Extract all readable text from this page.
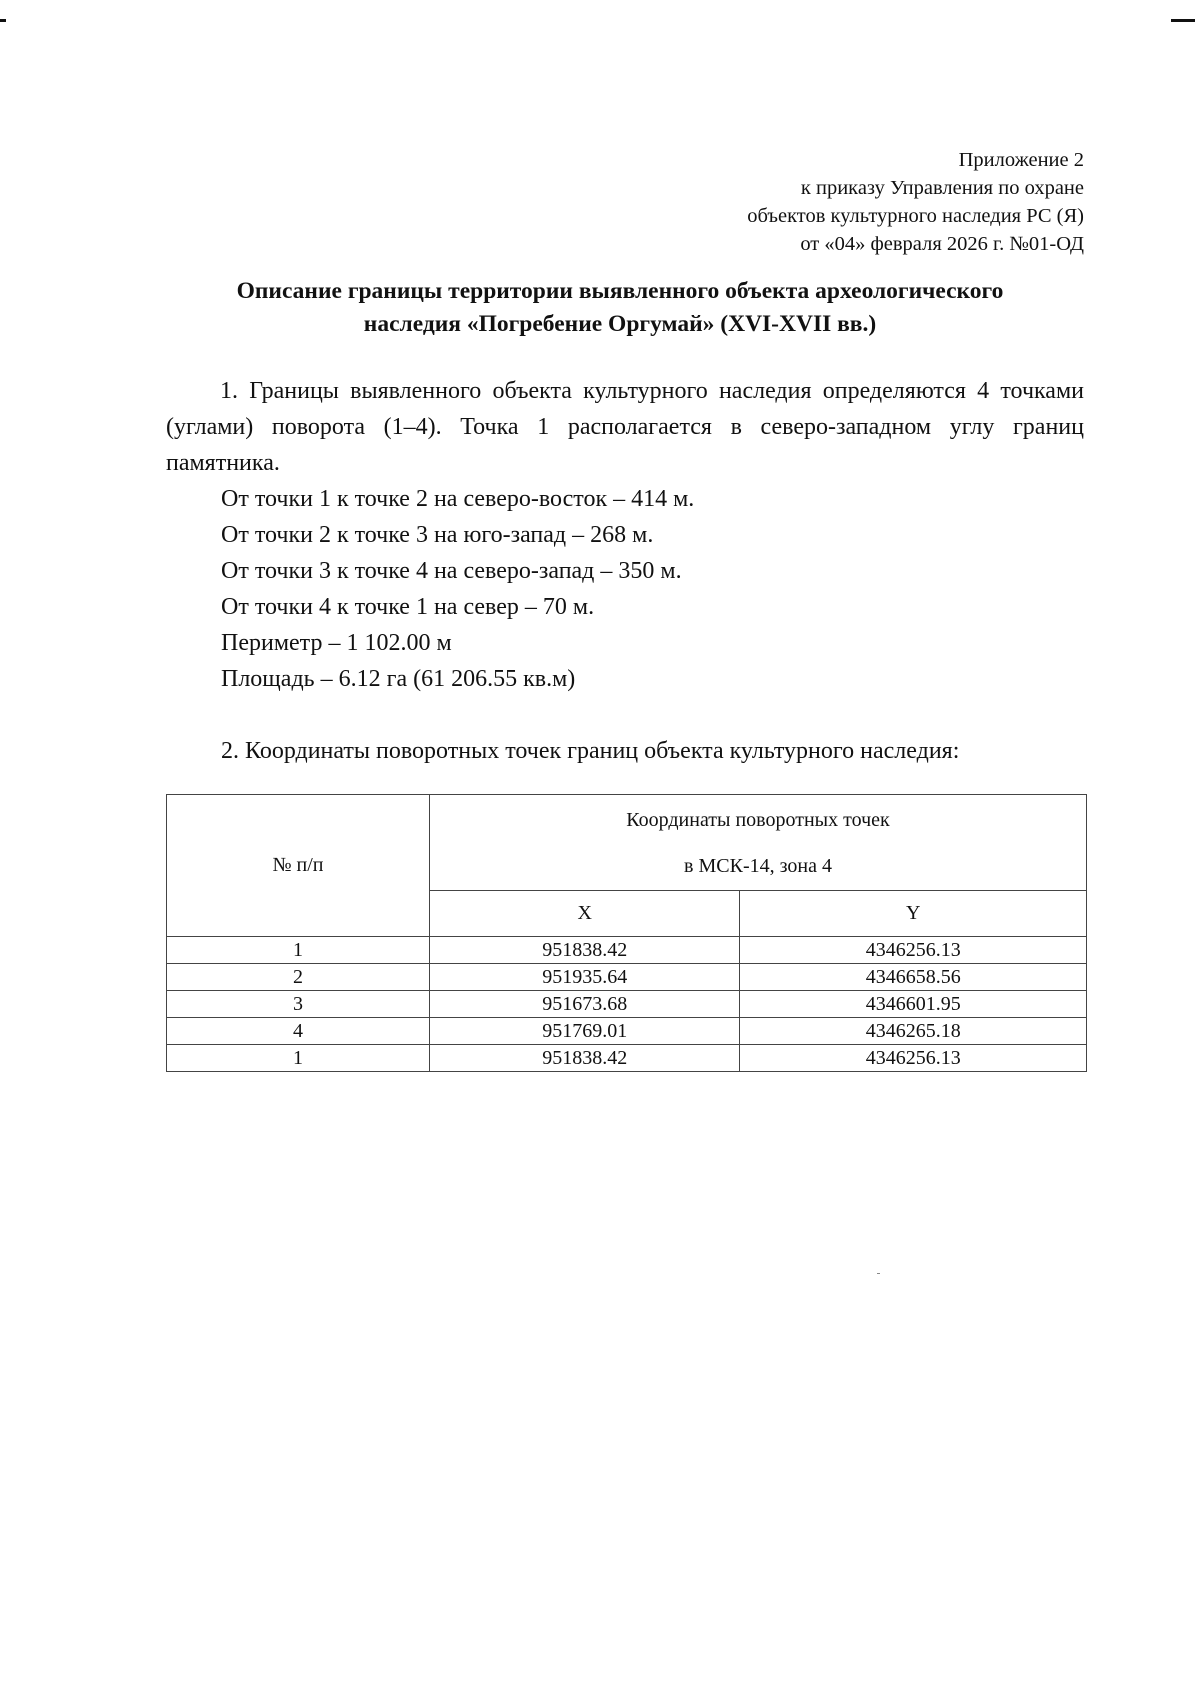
Приложение 2
к приказу Управления по охране
объектов культурного наследия РС (Я)
от «04» февраля 2026 г. №01-ОД
Описание границы территории выявленного объекта археологического
наследия «Погребение Оргумай» (XVI-XVII вв.)

1. Границы выявленного объекта культурного наследия определяются 4 точками (углами) поворота (1–4). Точка 1 располагается в северо-западном углу границ памятника.

От точки 1 к точке 2 на северо-восток – 414 м.
От точки 2 к точке 3 на юго-запад – 268 м.
От точки 3 к точке 4 на северо-запад – 350 м.
От точки 4 к точке 1 на север – 70 м.
Периметр – 1 102.00 м
Площадь – 6.12 га (61 206.55 кв.м)
2. Координаты поворотных точек границ объекта культурного наследия:
№ п/п	Координаты поворотных точек
в МСК-14, зона 4	

	X	Y
1	951838.42	4346256.13
2	951935.64	4346658.56
3	951673.68	4346601.95
4	951769.01	4346265.18
1	951838.42	4346256.13
